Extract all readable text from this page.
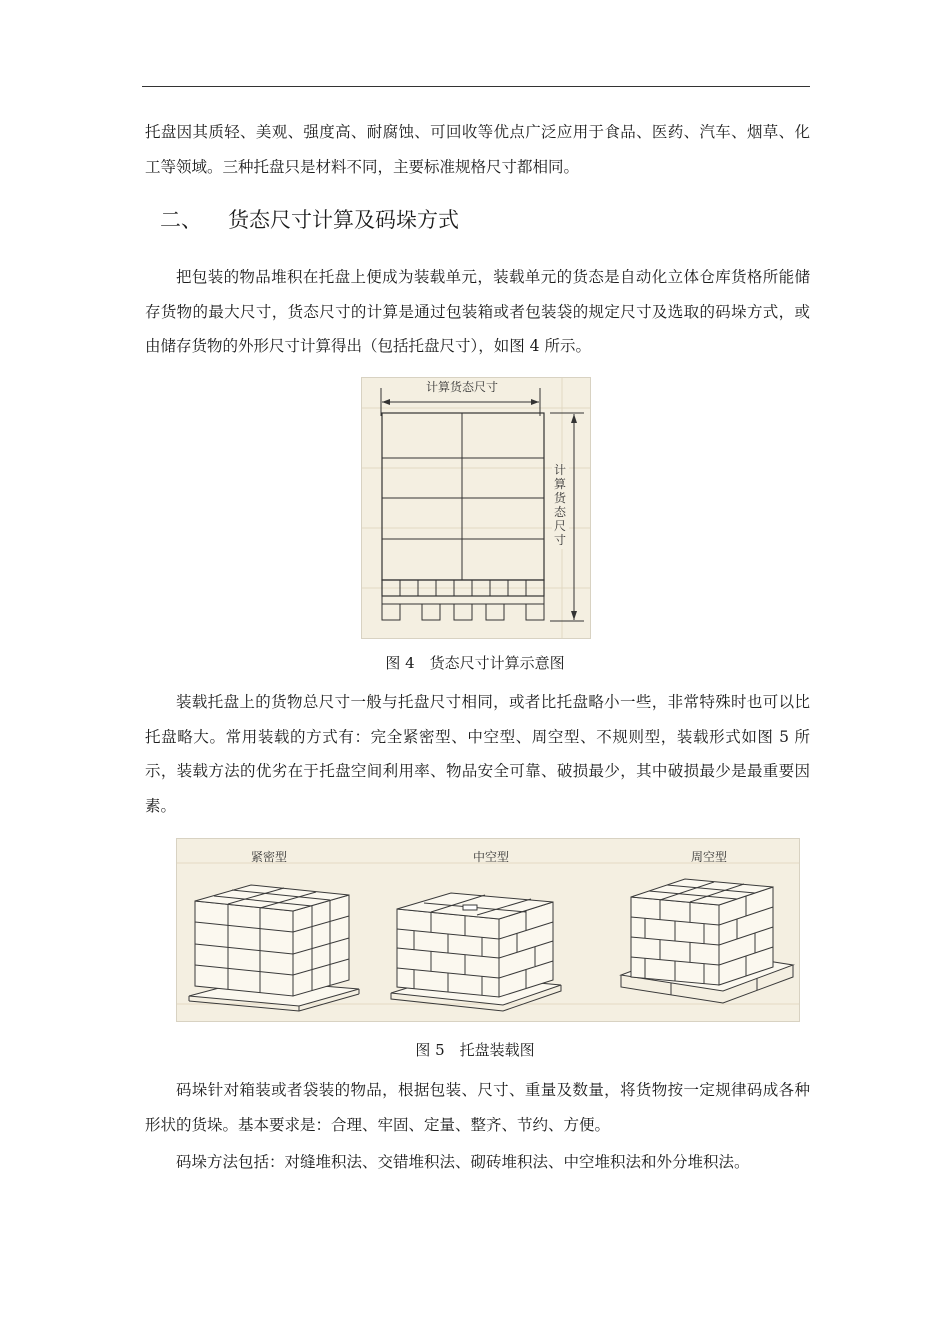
托盘因其质轻、美观、强度高、耐腐蚀、可回收等优点广泛应用于食品、医药、汽车、烟草、化工等领域。三种托盘只是材料不同，主要标准规格尺寸都相同。

二、 货态尺寸计算及码垛方式

把包装的物品堆积在托盘上便成为装载单元，装载单元的货态是自动化立体仓库货格所能储存货物的最大尺寸，货态尺寸的计算是通过包装箱或者包装袋的规定尺寸及选取的码垛方式，或由储存货物的外形尺寸计算得出（包括托盘尺寸），如图 4 所示。

计算货态尺寸
计
算
货
态
尺
寸

图 4　货态尺寸计算示意图

装载托盘上的货物总尺寸一般与托盘尺寸相同，或者比托盘略小一些，非常特殊时也可以比托盘略大。常用装载的方式有：完全紧密型、中空型、周空型、不规则型，装载形式如图 5 所示，装载方法的优劣在于托盘空间利用率、物品安全可靠、破损最少，其中破损最少是最重要因素。

紧密型	中空型	周空型

图 5　托盘装载图

码垛针对箱装或者袋装的物品，根据包装、尺寸、重量及数量，将货物按一定规律码成各种形状的货垛。基本要求是：合理、牢固、定量、整齐、节约、方便。

码垛方法包括：对缝堆积法、交错堆积法、砌砖堆积法、中空堆积法和外分堆积法。
